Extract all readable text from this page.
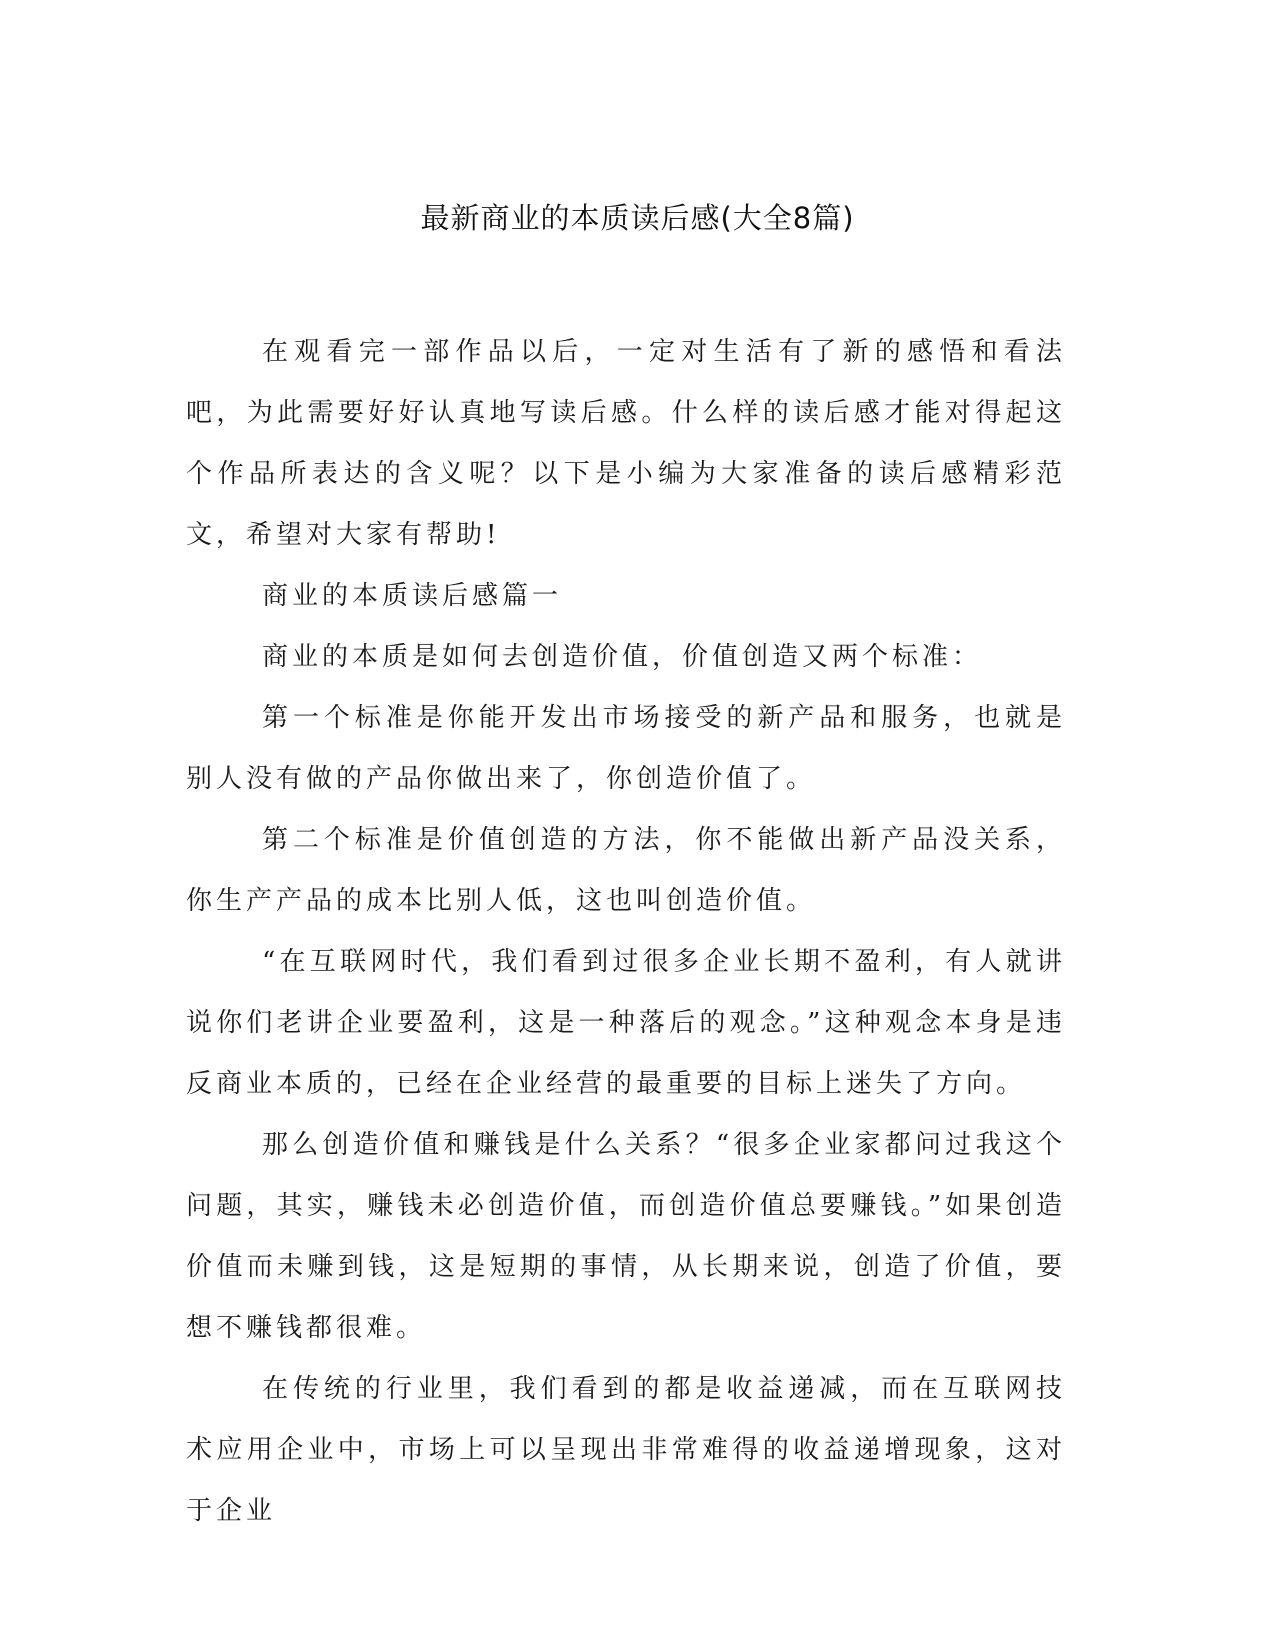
最新商业的本质读后感(大全8篇)

在观看完一部作品以后，一定对生活有了新的感悟和看法吧，为此需要好好认真地写读后感。什么样的读后感才能对得起这个作品所表达的含义呢？以下是小编为大家准备的读后感精彩范文，希望对大家有帮助!

商业的本质读后感篇一

商业的本质是如何去创造价值，价值创造又两个标准：

第一个标准是你能开发出市场接受的新产品和服务，也就是别人没有做的产品你做出来了，你创造价值了。

第二个标准是价值创造的方法，你不能做出新产品没关系，你生产产品的成本比别人低，这也叫创造价值。

“在互联网时代，我们看到过很多企业长期不盈利，有人就讲说你们老讲企业要盈利，这是一种落后的观念。”这种观念本身是违反商业本质的，已经在企业经营的最重要的目标上迷失了方向。

那么创造价值和赚钱是什么关系？“很多企业家都问过我这个问题，其实，赚钱未必创造价值，而创造价值总要赚钱。”如果创造价值而未赚到钱，这是短期的事情，从长期来说，创造了价值，要想不赚钱都很难。

在传统的行业里，我们看到的都是收益递减，而在互联网技术应用企业中，市场上可以呈现出非常难得的收益递增现象，这对于企业
